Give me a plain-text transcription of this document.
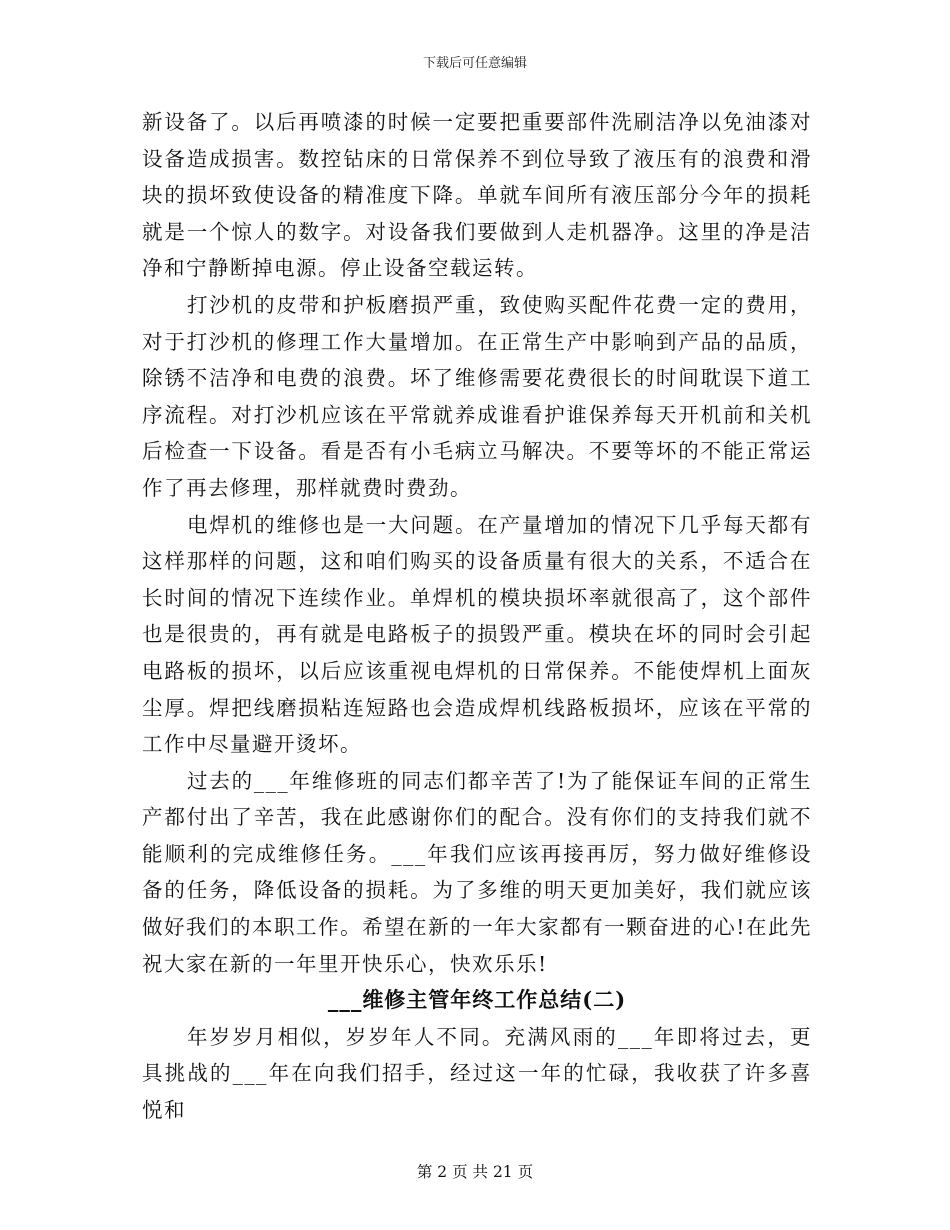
下载后可任意编辑

新设备了。以后再喷漆的时候一定要把重要部件洗刷洁净以免油漆对设备造成损害。数控钻床的日常保养不到位导致了液压有的浪费和滑块的损坏致使设备的精准度下降。单就车间所有液压部分今年的损耗就是一个惊人的数字。对设备我们要做到人走机器净。这里的净是洁净和宁静断掉电源。停止设备空载运转。

打沙机的皮带和护板磨损严重，致使购买配件花费一定的费用，对于打沙机的修理工作大量增加。在正常生产中影响到产品的品质，除锈不洁净和电费的浪费。坏了维修需要花费很长的时间耽误下道工序流程。对打沙机应该在平常就养成谁看护谁保养每天开机前和关机后检查一下设备。看是否有小毛病立马解决。不要等坏的不能正常运作了再去修理，那样就费时费劲。

电焊机的维修也是一大问题。在产量增加的情况下几乎每天都有这样那样的问题，这和咱们购买的设备质量有很大的关系，不适合在长时间的情况下连续作业。单焊机的模块损坏率就很高了，这个部件也是很贵的，再有就是电路板子的损毁严重。模块在坏的同时会引起电路板的损坏，以后应该重视电焊机的日常保养。不能使焊机上面灰尘厚。焊把线磨损粘连短路也会造成焊机线路板损坏，应该在平常的工作中尽量避开烫坏。

过去的___年维修班的同志们都辛苦了!为了能保证车间的正常生产都付出了辛苦，我在此感谢你们的配合。没有你们的支持我们就不能顺利的完成维修任务。___年我们应该再接再厉，努力做好维修设备的任务，降低设备的损耗。为了多维的明天更加美好，我们就应该做好我们的本职工作。希望在新的一年大家都有一颗奋进的心!在此先祝大家在新的一年里开快乐心，快欢乐乐!

___维修主管年终工作总结(二)

年岁岁月相似，岁岁年人不同。充满风雨的___年即将过去，更具挑战的___年在向我们招手，经过这一年的忙碌，我收获了许多喜悦和

第 2 页 共 21 页
